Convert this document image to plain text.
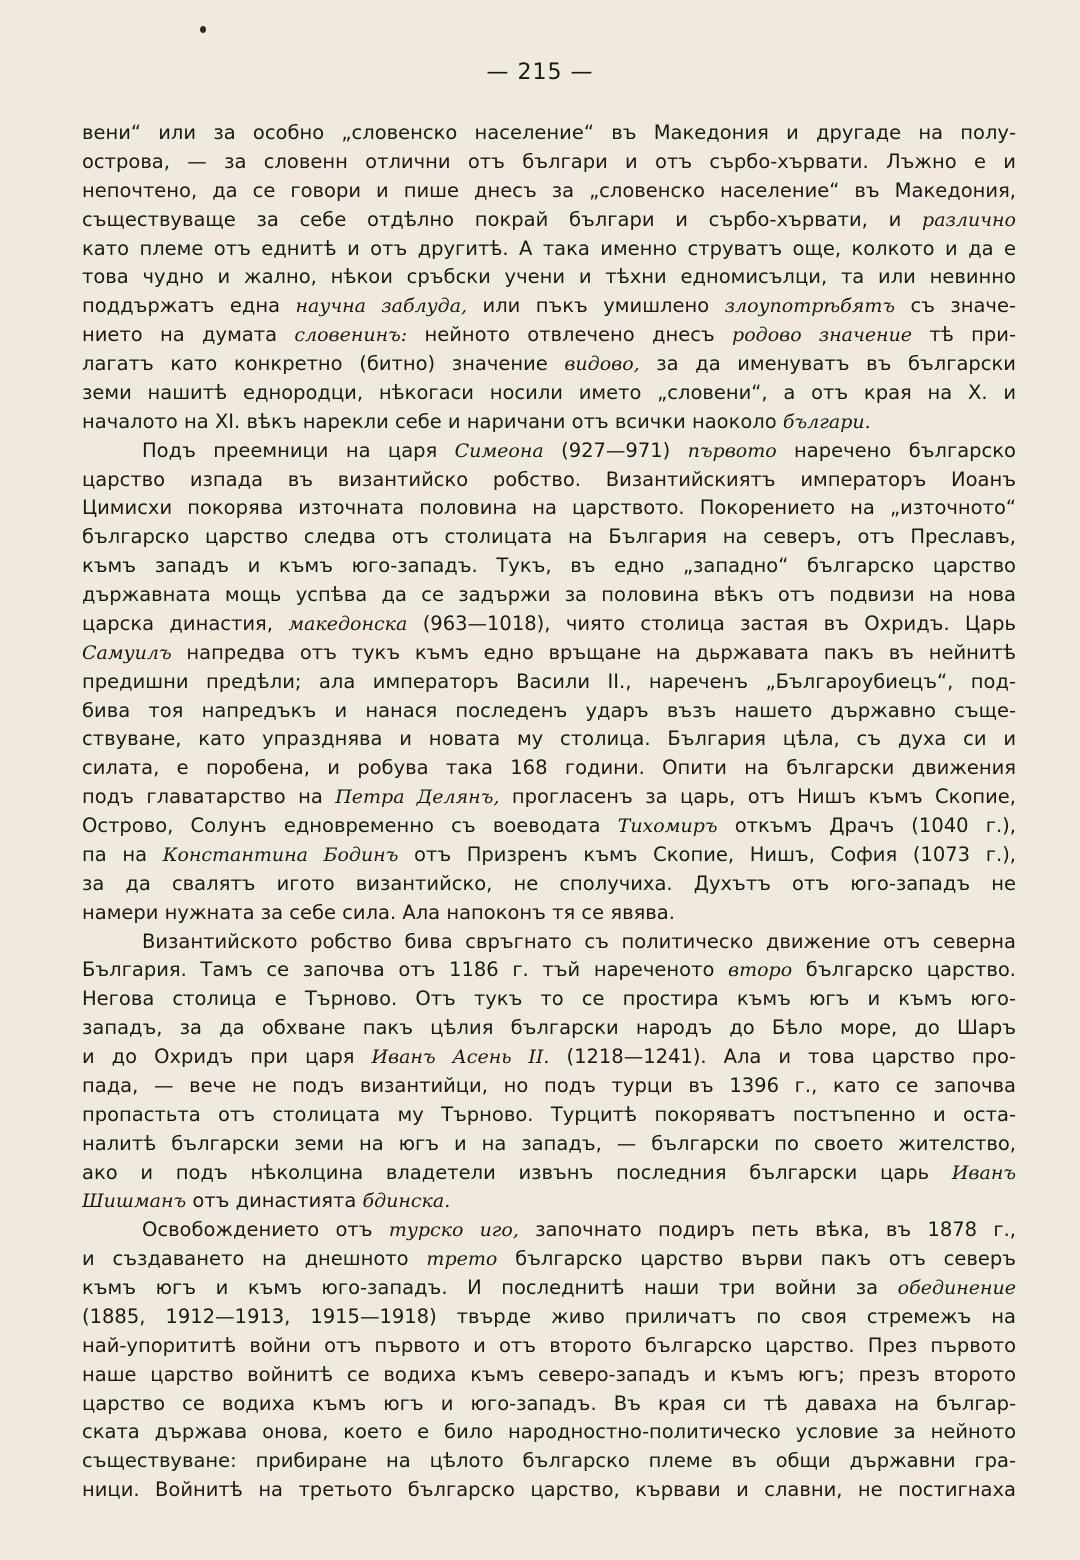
— 215 —
вени“ или за особно „словенско население“ въ Македония и другаде на полу-
острова, — за словенн отлични отъ българи и отъ сърбо-хървати. Лъжно е и
непочтено, да се говори и пише днесъ за „словенско население“ въ Македония,
съществуваще за себе отдѣлно покрай българи и сърбо-хървати, и различно
като племе отъ еднитѣ и отъ другитѣ. А така именно струватъ още, колкото и да е
това чудно и жално, нѣкои сръбски учени и тѣхни едномисълци, та или невинно
поддържатъ една научна заблуда, или пъкъ умишлено злоупотрѣбятъ съ значе-
нието на думата словенинъ: нейното отвлечено днесъ родово значение тѣ при-
лагатъ като конкретно (битно) значение видово, за да именуватъ въ български
земи нашитѣ еднородци, нѣкогаси носили името „словени“, а отъ края на X. и
началото на XI. вѣкъ нарекли себе и наричани отъ всички наоколо българи.
Подъ преемници на царя Симеона (927—971) първото наречено българско
царство изпада въ византийско робство. Византийскиятъ императоръ Иоанъ
Цимисхи покорява източната половина на царството. Покорението на „източното“
българско царство следва отъ столицата на България на северъ, отъ Преславъ,
къмъ западъ и къмъ юго-западъ. Тукъ, въ едно „западно“ българско царство
държавната мощь успѣва да се задържи за половина вѣкъ отъ подвизи на нова
царска династия, македонска (963—1018), чиято столица застая въ Охридъ. Царь
Самуилъ напредва отъ тукъ къмъ едно връщане на дьржавата пакъ въ нейнитѣ
предишни предѣли; ала императоръ Васили II., нареченъ „Българоубиецъ“, под-
бива тоя напредъкъ и нанася последенъ ударъ възъ нашето държавно съще-
ствуване, като упразднява и новата му столица. България цѣла, съ духа си и
силата, е поробена, и робува така 168 години. Опити на български движения
подъ главатарство на Петра Делянъ, прогласенъ за царь, отъ Нишъ къмъ Скопие,
Острово, Солунъ едновременно съ воеводата Тихомиръ откъмъ Драчъ (1040 г.),
па на Константина Бодинъ отъ Призренъ къмъ Скопие, Нишъ, София (1073 г.),
за да свалятъ игото византийско, не сполучиха. Духътъ отъ юго-западъ не
намери нужната за себе сила. Ала напоконъ тя се явява.
Византийското робство бива свръгнато съ политическо движение отъ северна
България. Тамъ се започва отъ 1186 г. тъй нареченото второ българско царство.
Негова столица е Търново. Отъ тукъ то се простира къмъ югъ и къмъ юго-
западъ, за да обхване пакъ цѣлия български народъ до Бѣло море, до Шаръ
и до Охридъ при царя Иванъ Асень II. (1218—1241). Ала и това царство про-
пада, — вече не подъ византийци, но подъ турци въ 1396 г., като се започва
пропастьта отъ столицата му Търново. Турцитѣ покоряватъ постъпенно и оста-
налитѣ български земи на югъ и на западъ, — български по своето жителство,
ако и подъ нѣколцина владетели извънъ последния български царь Иванъ
Шишманъ отъ династията бдинска.
Освобождението отъ турско иго, започнато подиръ петь вѣка, въ 1878 г.,
и създаването на днешното трето българско царство върви пакъ отъ северъ
къмъ югъ и къмъ юго-западъ. И последнитѣ наши три войни за обединение
(1885, 1912—1913, 1915—1918) твърде живо приличатъ по своя стремежъ на
най-упорититѣ войни отъ първото и отъ второто българско царство. През първото
наше царство войнитѣ се водиха къмъ северо-западъ и къмъ югъ; презъ второто
царство се водиха къмъ югъ и юго-западъ. Въ края си тѣ даваха на българ-
ската държава онова, което е било народностно-политическо условие за нейното
съществуване: прибиране на цѣлото българско племе въ общи държавни гра-
ници. Войнитѣ на третьото българско царство, кървави и славни, не постигнаха
